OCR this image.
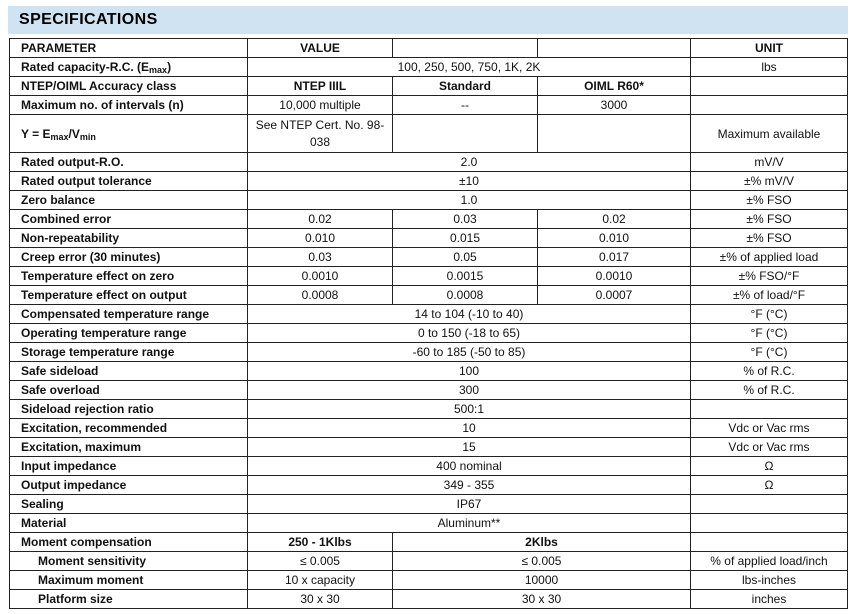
SPECIFICATIONS
PARAMETER	VALUE			UNIT
Rated capacity-R.C. $(E_{max})$	100, 250, 500, 750, 1K, 2K			lbs
NTEP/OIML Accuracy class	NTEP IIIL	Standard	OIML R60*	
Maximum no. of intervals (n)	10,000 multiple	--	3000	
$Y = E_{max}/V_{min}$	See NTEP Cert. No. 98-038			Maximum available
Rated output-R.O.	2.0			mV/V
Rated output tolerance	±10			±% mV/V
Zero balance	1.0			±% FSO
Combined error	0.02	0.03	0.02	±% FSO
Non-repeatability	0.010	0.015	0.010	±% FSO
Creep error (30 minutes)	0.03	0.05	0.017	±% of applied load
Temperature effect on zero	0.0010	0.0015	0.0010	±% FSO/°F
Temperature effect on output	0.0008	0.0008	0.0007	±% of load/°F
Compensated temperature range	14 to 104 (-10 to 40)			°F (°C)
Operating temperature range	0 to 150 (-18 to 65)			°F (°C)
Storage temperature range	-60 to 185 (-50 to 85)			°F (°C)
Safe sideload	100			% of R.C.
Safe overload	300			% of R.C.
Sideload rejection ratio	500:1			
Excitation, recommended	10			Vdc or Vac rms
Excitation, maximum	15			Vdc or Vac rms
Input impedance	400 nominal			Ω
Output impedance	349 - 355			Ω
Sealing	IP67			
Material	Aluminum**			
Moment compensation	250 - 1Klbs	2Klbs		
Moment sensitivity	≤ 0.005	≤ 0.005		% of applied load/inch
Maximum moment	10 x capacity	10000		lbs-inches
Platform size	30 x 30	30 x 30		inches
